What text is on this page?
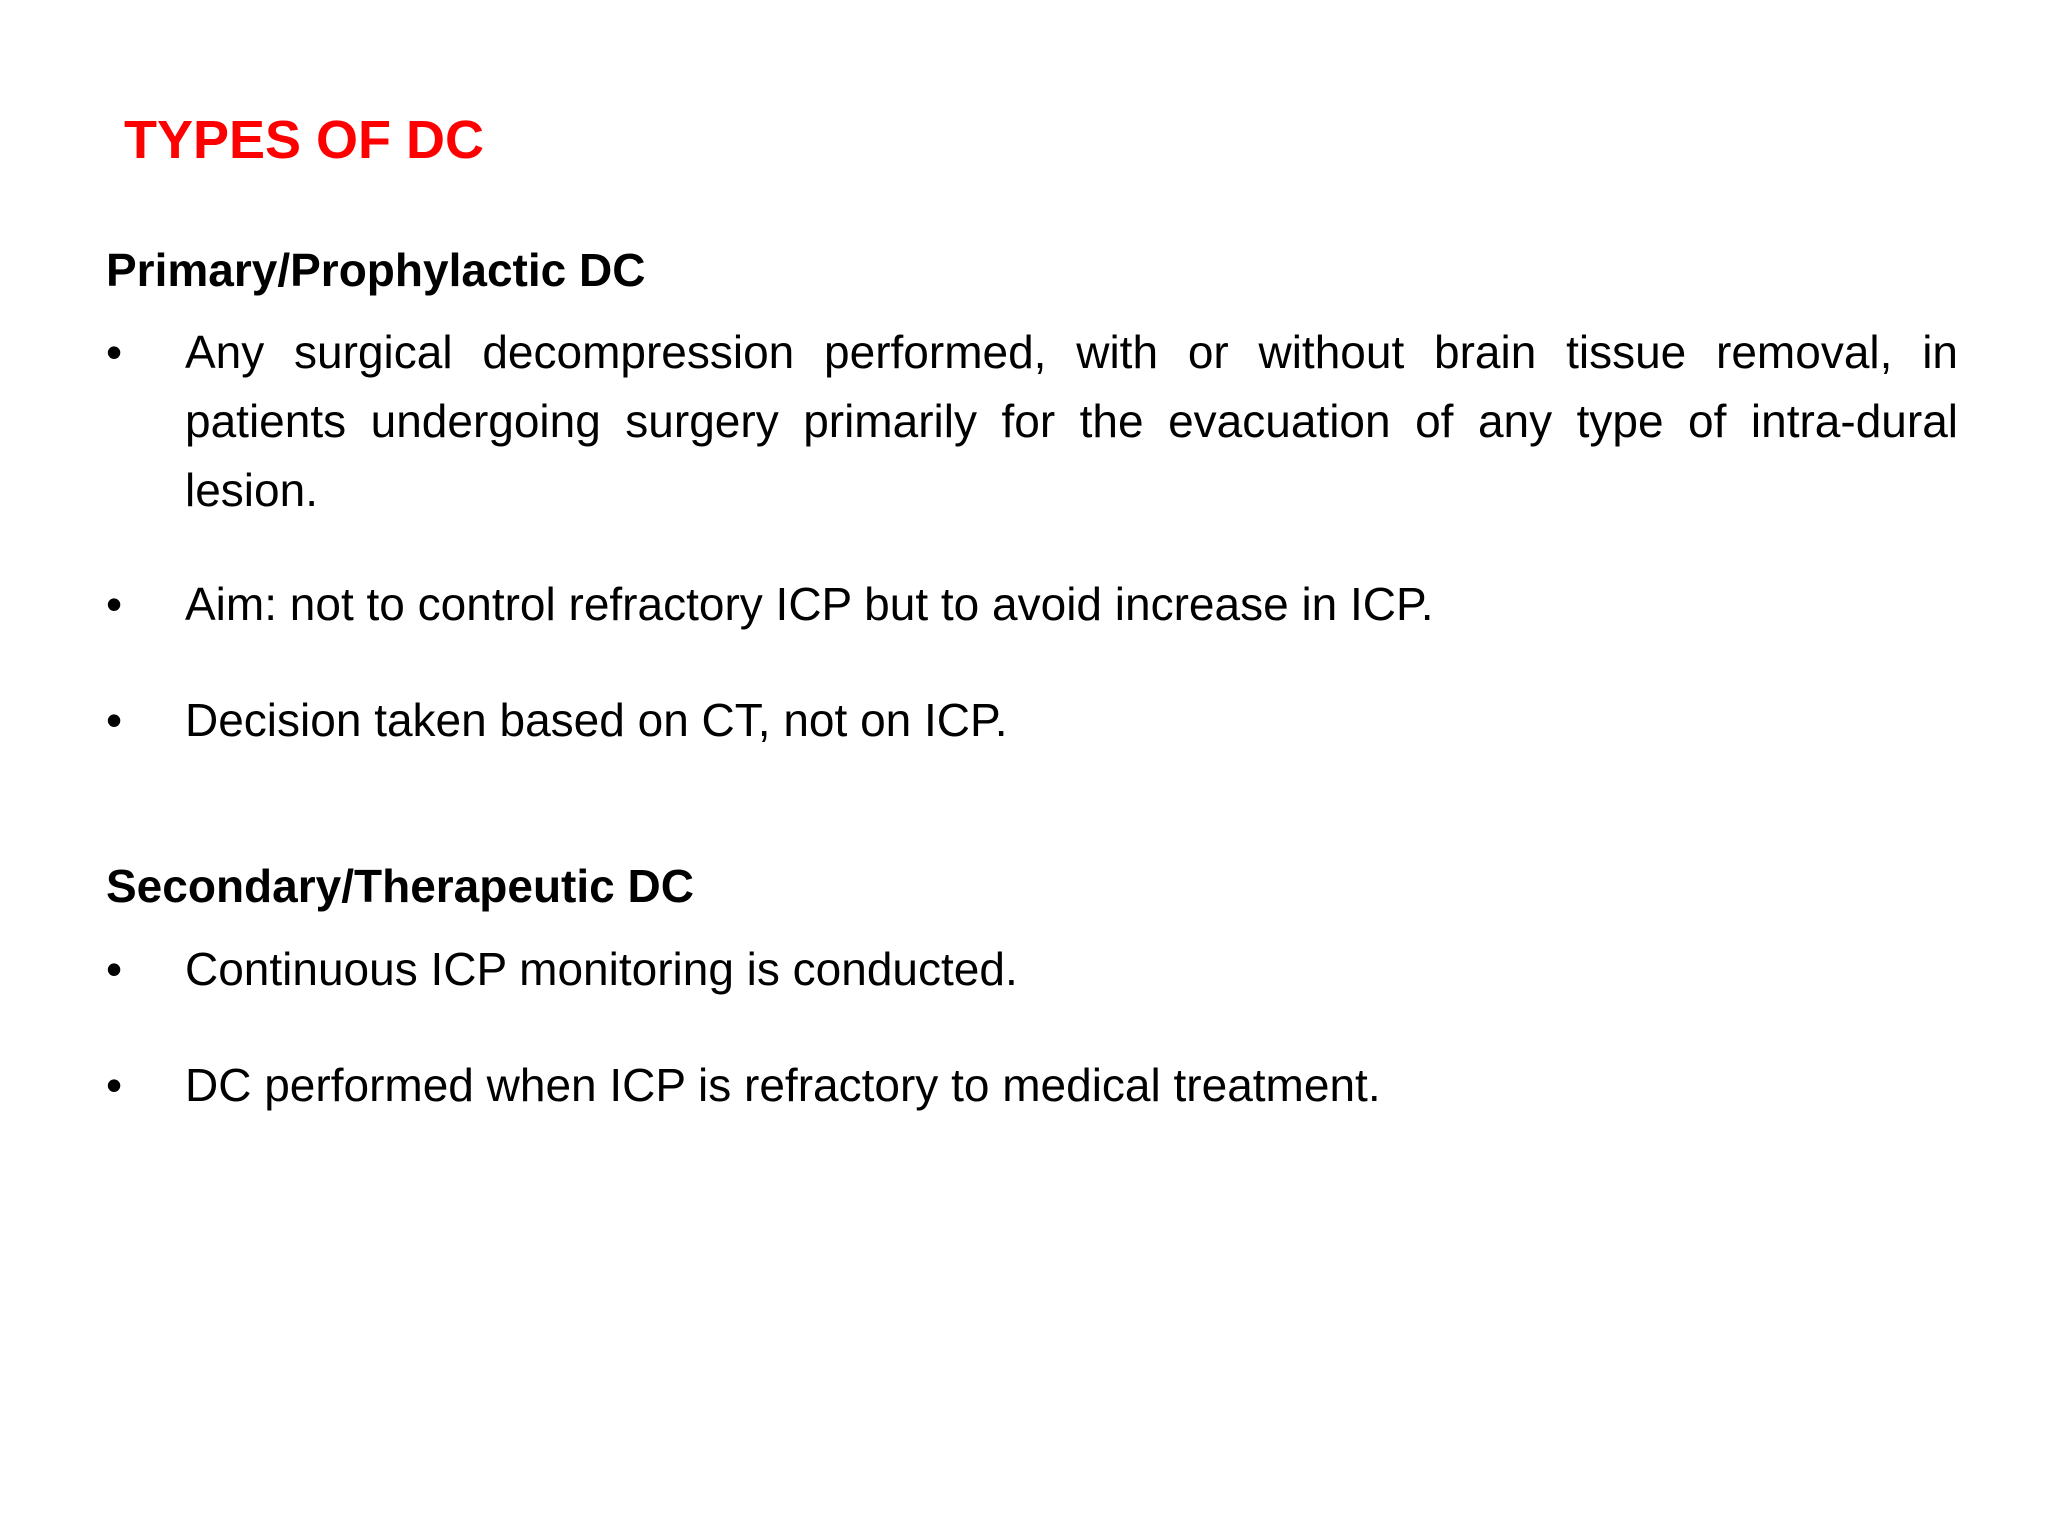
TYPES OF DC
Primary/Prophylactic DC
•	Any surgical decompression performed, with or without brain tissue removal, in patients undergoing surgery primarily for the evacuation of any type of intra-dural lesion.
•	Aim: not to control refractory ICP but to avoid increase in ICP.
•	Decision taken based on CT, not on ICP.
Secondary/Therapeutic DC
•	Continuous ICP monitoring is conducted.
•	DC performed when ICP is refractory to medical treatment.
